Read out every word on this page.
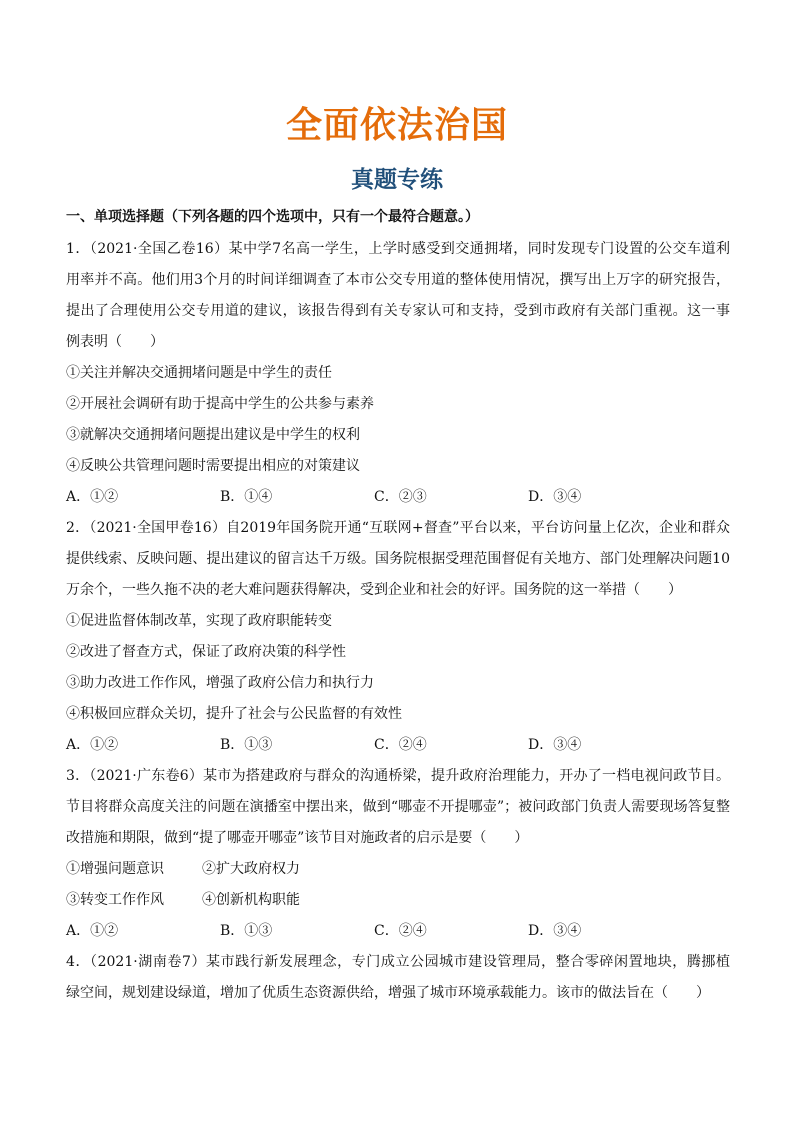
全面依法治国
真题专练
一、单项选择题（下列各题的四个选项中，只有一个最符合题意。）
1．（2021·全国乙卷16）某中学7名高一学生，上学时感受到交通拥堵，同时发现专门设置的公交车道利
用率并不高。他们用3个月的时间详细调查了本市公交专用道的整体使用情况，撰写出上万字的研究报告，
提出了合理使用公交专用道的建议，该报告得到有关专家认可和支持，受到市政府有关部门重视。这一事
例表明（　　）
①关注并解决交通拥堵问题是中学生的责任
②开展社会调研有助于提高中学生的公共参与素养
③就解决交通拥堵问题提出建议是中学生的权利
④反映公共管理问题时需要提出相应的对策建议
A．①②	B．①④	C．②③	D．③④
2．（2021·全国甲卷16）自2019年国务院开通“互联网+督查”平台以来，平台访问量上亿次，企业和群众
提供线索、反映问题、提出建议的留言达千万级。国务院根据受理范围督促有关地方、部门处理解决问题10
万余个，一些久拖不决的老大难问题获得解决，受到企业和社会的好评。国务院的这一举措（　　）
①促进监督体制改革，实现了政府职能转变
②改进了督查方式，保证了政府决策的科学性
③助力改进工作作风，增强了政府公信力和执行力
④积极回应群众关切，提升了社会与公民监督的有效性
A．①②	B．①③	C．②④	D．③④
3．（2021·广东卷6）某市为搭建政府与群众的沟通桥梁，提升政府治理能力，开办了一档电视问政节目。
节目将群众高度关注的问题在演播室中摆出来，做到“哪壶不开提哪壶”；被问政部门负责人需要现场答复整
改措施和期限，做到“提了哪壶开哪壶”该节目对施政者的启示是要（　　）
①增强问题意识	②扩大政府权力
③转变工作作风	④创新机构职能
A．①②	B．①③	C．②④	D．③④
4．（2021·湖南卷7）某市践行新发展理念，专门成立公园城市建设管理局，整合零碎闲置地块，腾挪植
绿空间，规划建设绿道，增加了优质生态资源供给，增强了城市环境承载能力。该市的做法旨在（　　）
